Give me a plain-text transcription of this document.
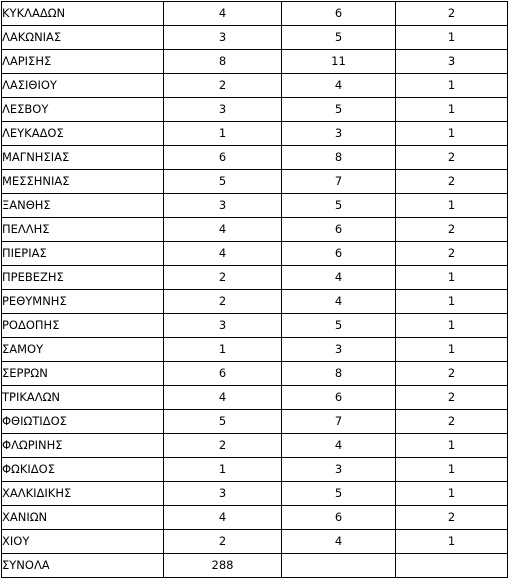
ΚΥΚΛΑΔΩΝ	4	6	2
ΛΑΚΩΝΙΑΣ	3	5	1
ΛΑΡΙΣΗΣ	8	11	3
ΛΑΣΙΘΙΟΥ	2	4	1
ΛΕΣΒΟΥ	3	5	1
ΛΕΥΚΑΔΟΣ	1	3	1
ΜΑΓΝΗΣΙΑΣ	6	8	2
ΜΕΣΣΗΝΙΑΣ	5	7	2
ΞΑΝΘΗΣ	3	5	1
ΠΕΛΛΗΣ	4	6	2
ΠΙΕΡΙΑΣ	4	6	2
ΠΡΕΒΕΖΗΣ	2	4	1
ΡΕΘΥΜΝΗΣ	2	4	1
ΡΟΔΟΠΗΣ	3	5	1
ΣΑΜΟΥ	1	3	1
ΣΕΡΡΩΝ	6	8	2
ΤΡΙΚΑΛΩΝ	4	6	2
ΦΘΙΩΤΙΔΟΣ	5	7	2
ΦΛΩΡΙΝΗΣ	2	4	1
ΦΩΚΙΔΟΣ	1	3	1
ΧΑΛΚΙΔΙΚΗΣ	3	5	1
ΧΑΝΙΩΝ	4	6	2
ΧΙΟΥ	2	4	1
ΣΥΝΟΛΑ	288		
